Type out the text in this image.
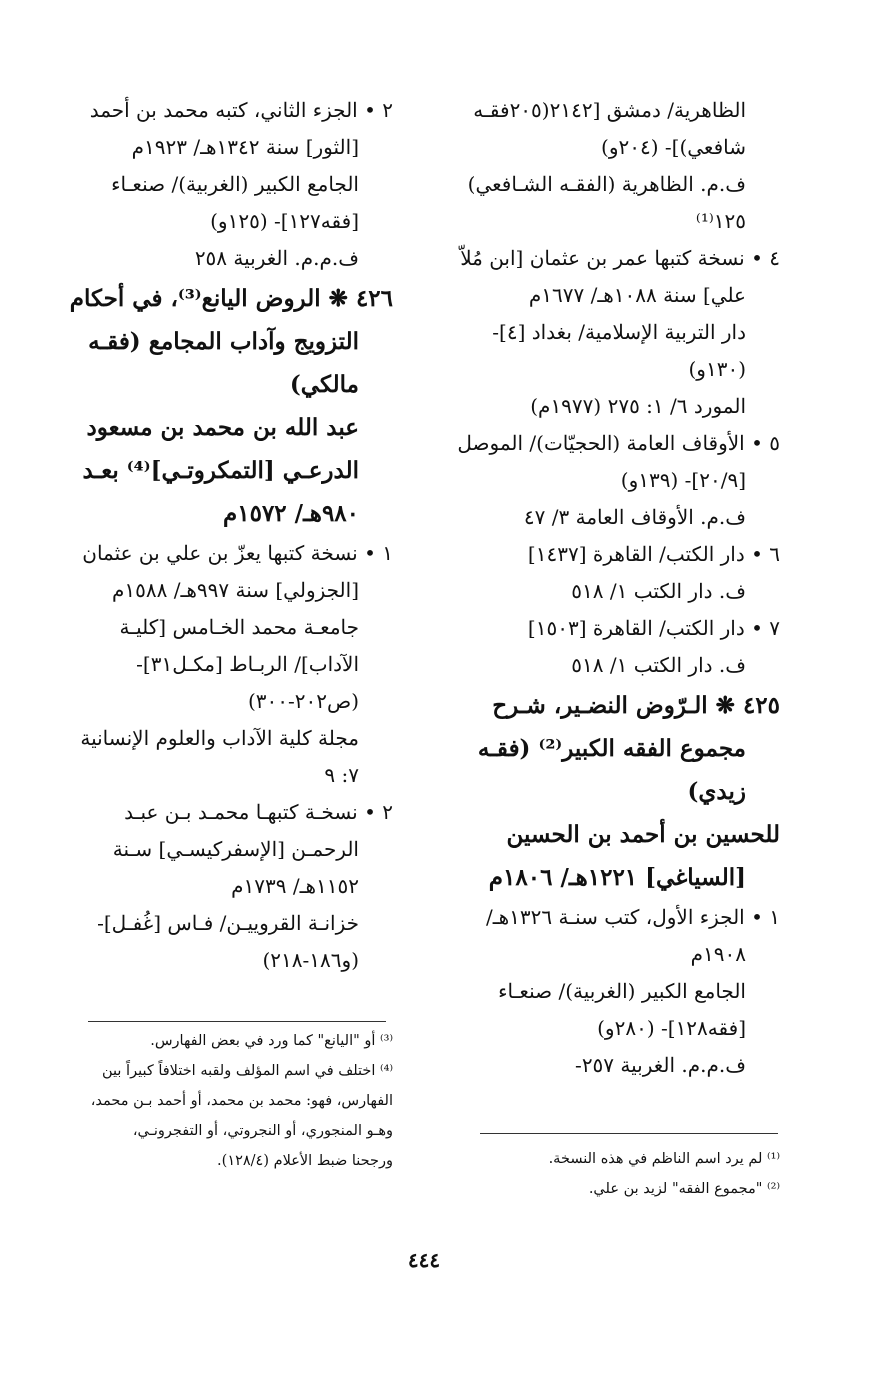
الظاهرية/ دمشق [٢١٤٢(٢٠٥فقـه
شافعي)]- (٢٠٤و)
ف.م. الظاهرية (الفقـه الشـافعي)
١٢٥⁽¹⁾
٤ • نسخة كتبها عمر بن عثمان [ابن مُلاّ
علي] سنة ١٠٨٨هـ/ ١٦٧٧م
دار التربية الإسلامية/ بغداد [٤]-
(١٣٠و)
المورد ٦/ ١: ٢٧٥ (١٩٧٧م)
٥ • الأوقاف العامة (الحجيّات)/ الموصل
[٢٠/٩]- (١٣٩و)
ف.م. الأوقاف العامة ٣/ ٤٧
٦ • دار الكتب/ القاهرة [١٤٣٧]
ف. دار الكتب ١/ ٥١٨
٧ • دار الكتب/ القاهرة [١٥٠٣]
ف. دار الكتب ١/ ٥١٨
٤٢٥ ❋ الـرّوض النضـير، شـرح
مجموع الفقه الكبير⁽²⁾ (فقـه
زيدي)
للحسين بن أحمد بن الحسين
[السياغي] ١٢٢١هـ/ ١٨٠٦م
١ • الجزء الأول، كتب سنـة ١٣٢٦هـ/
١٩٠٨م
الجامع الكبير (الغربية)/ صنعـاء
[فقه١٢٨]- (٢٨٠و)
ف.م.م. الغربية ٢٥٧-
٢ • الجزء الثاني، كتبه محمد بن أحمد
[الثور] سنة ١٣٤٢هـ/ ١٩٢٣م
الجامع الكبير (الغربية)/ صنعـاء
[فقه١٢٧]- (١٢٥و)
ف.م.م. الغربية ٢٥٨
٤٢٦ ❋ الروض اليانع⁽³⁾، في أحكام
التزويج وآداب المجامع (فقـه
مالكي)
عبد الله بن محمد بن مسعود
الدرعـي [التمكروتـي]⁽⁴⁾ بعـد
٩٨٠هـ/ ١٥٧٢م
١ • نسخة كتبها يعزّ بن علي بن عثمان
[الجزولي] سنة ٩٩٧هـ/ ١٥٨٨م
جامعـة محمد الخـامس [كليـة
الآداب]/ الربـاط [مكـل٣١]-
(ص٢٠٢-٣٠٠)
مجلة كلية الآداب والعلوم الإنسانية
٧: ٩
٢ • نسخـة كتبهـا محمـد بـن عبـد
الرحمـن [الإسفركيسـي] سـنة
١١٥٢هـ/ ١٧٣٩م
خزانـة القروييـن/ فـاس [غُفـل]-
(و١٨٦-٢١٨)
⁽³⁾ أو "اليانع" كما ورد في بعض الفهارس.
⁽⁴⁾ اختلف في اسم المؤلف ولقبه اختلافاً كبيراً بين
الفهارس، فهو: محمد بن محمد، أو أحمد بـن محمد،
وهـو المنجوري، أو النجروتي، أو التفجرونـي،
ورجحنا ضبط الأعلام (١٢٨/٤).	⁽¹⁾ لم يرد اسم الناظم في هذه النسخة.
⁽²⁾ "مجموع الفقه" لزيد بن علي.
٤٤٤
